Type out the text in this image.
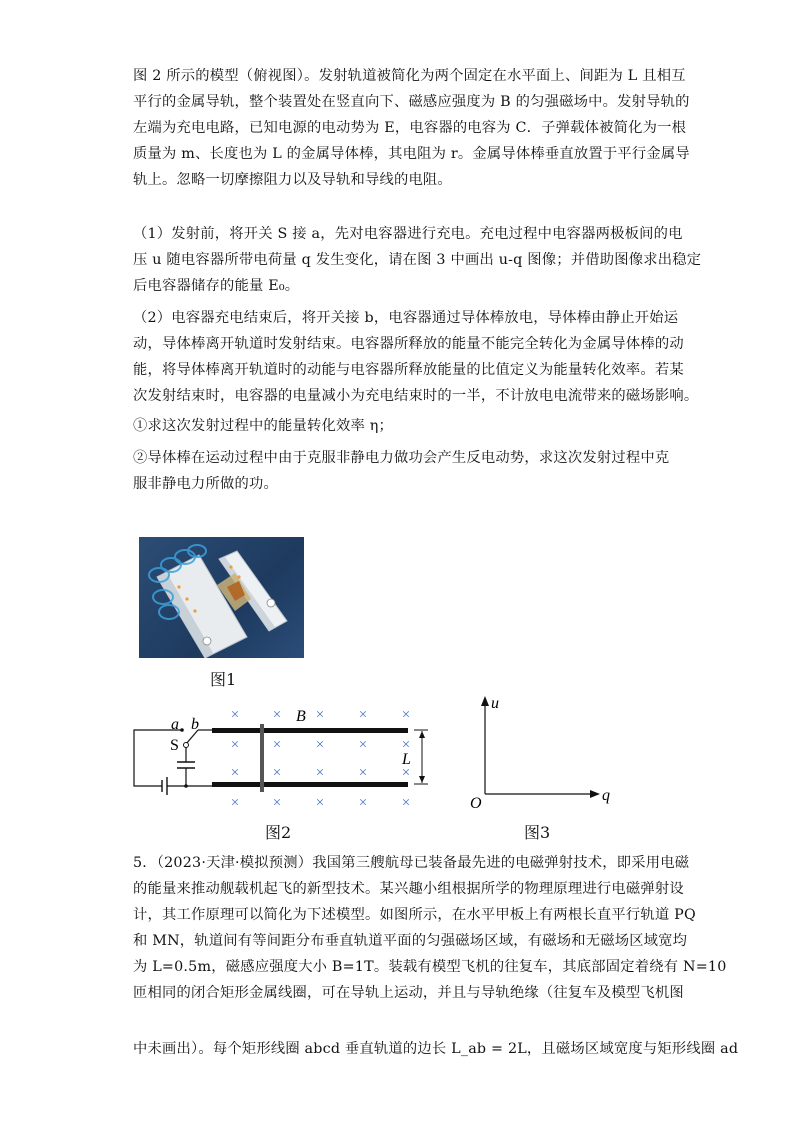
图 2 所示的模型（俯视图）。发射轨道被简化为两个固定在水平面上、间距为 L 且相互
平行的金属导轨，整个装置处在竖直向下、磁感应强度为 B 的匀强磁场中。发射导轨的
左端为充电电路，已知电源的电动势为 E，电容器的电容为 C．子弹载体被简化为一根
质量为 m、长度也为 L 的金属导体棒，其电阻为 r。金属导体棒垂直放置于平行金属导
轨上。忽略一切摩擦阻力以及导轨和导线的电阻。
（1）发射前，将开关 S 接 a，先对电容器进行充电。充电过程中电容器两极板间的电
压 u 随电容器所带电荷量 q 发生变化，请在图 3 中画出 u-q 图像；并借助图像求出稳定
后电容器储存的能量 E₀。
（2）电容器充电结束后，将开关接 b，电容器通过导体棒放电，导体棒由静止开始运
动，导体棒离开轨道时发射结束。电容器所释放的能量不能完全转化为金属导体棒的动
能，将导体棒离开轨道时的动能与电容器所释放能量的比值定义为能量转化效率。若某
次发射结束时，电容器的电量减小为充电结束时的一半，不计放电电流带来的磁场影响。
①求这次发射过程中的能量转化效率 η；
②导体棒在运动过程中由于克服非静电力做功会产生反电动势，求这次发射过程中克
服非静电力所做的功。
图1
× × × × ×
× × × × ×
× × × × ×
× × × × ×
L
B
a b
S
图2
u
q
O
图3
5．（2023·天津·模拟预测）我国第三艘航母已装备最先进的电磁弹射技术，即采用电磁
的能量来推动舰载机起飞的新型技术。某兴趣小组根据所学的物理原理进行电磁弹射设
计，其工作原理可以简化为下述模型。如图所示，在水平甲板上有两根长直平行轨道 PQ
和 MN，轨道间有等间距分布垂直轨道平面的匀强磁场区域，有磁场和无磁场区域宽均
为 L=0.5m，磁感应强度大小 B=1T。装载有模型飞机的往复车，其底部固定着绕有 N=10
匝相同的闭合矩形金属线圈，可在导轨上运动，并且与导轨绝缘（往复车及模型飞机图
中未画出）。每个矩形线圈 abcd 垂直轨道的边长 L_ab = 2L，且磁场区域宽度与矩形线圈 ad
